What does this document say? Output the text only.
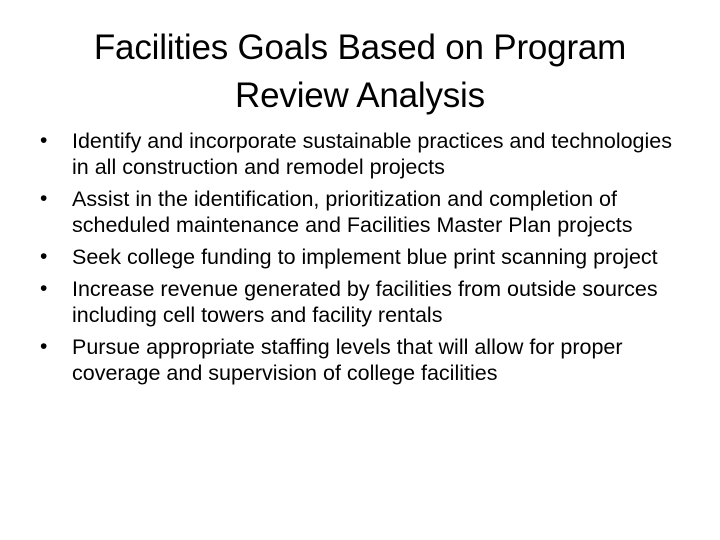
Facilities Goals Based on Program Review Analysis
•	Identify and incorporate sustainable practices and technologies in all construction and remodel projects
•	Assist in the identification, prioritization and completion of scheduled maintenance and Facilities Master Plan projects
•	Seek college funding to implement blue print scanning project
•	Increase revenue generated by facilities from outside sources including cell towers and facility rentals
•	Pursue appropriate staffing levels that will allow for proper coverage and supervision of college facilities
